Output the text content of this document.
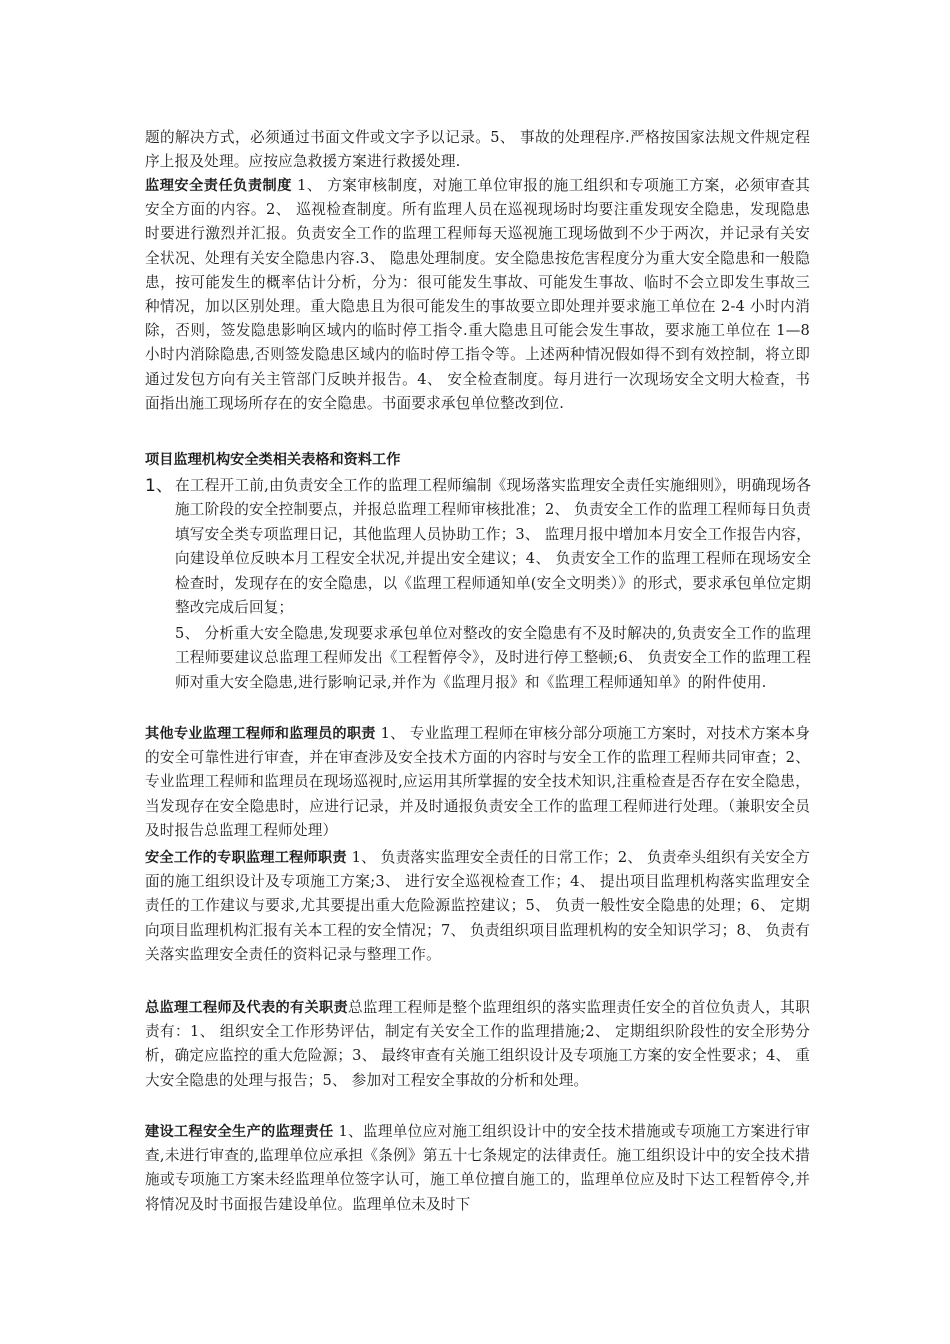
题的解决方式，必须通过书面文件或文字予以记录。5、 事故的处理程序.严格按国家法规文件规定程序上报及处理。应按应急救援方案进行救援处理.
监理安全责任负责制度 1、 方案审核制度，对施工单位审报的施工组织和专项施工方案，必须审查其安全方面的内容。2、 巡视检查制度。所有监理人员在巡视现场时均要注重发现安全隐患，发现隐患时要进行激烈并汇报。负责安全工作的监理工程师每天巡视施工现场做到不少于两次，并记录有关安全状况、处理有关安全隐患内容.3、 隐患处理制度。安全隐患按危害程度分为重大安全隐患和一般隐患，按可能发生的概率估计分析，分为：很可能发生事故、可能发生事故、临时不会立即发生事故三种情况，加以区别处理。重大隐患且为很可能发生的事故要立即处理并要求施工单位在 2-4 小时内消除，否则，签发隐患影响区域内的临时停工指令.重大隐患且可能会发生事故，要求施工单位在 1—8 小时内消除隐患,否则签发隐患区域内的临时停工指令等。上述两种情况假如得不到有效控制，将立即通过发包方向有关主管部门反映并报告。4、 安全检查制度。每月进行一次现场安全文明大检查，书面指出施工现场所存在的安全隐患。书面要求承包单位整改到位.
项目监理机构安全类相关表格和资料工作
1、 在工程开工前,由负责安全工作的监理工程师编制《现场落实监理安全责任实施细则》，明确现场各施工阶段的安全控制要点，并报总监理工程师审核批准；2、 负责安全工作的监理工程师每日负责填写安全类专项监理日记，其他监理人员协助工作；3、 监理月报中增加本月安全工作报告内容，向建设单位反映本月工程安全状况,并提出安全建议；4、 负责安全工作的监理工程师在现场安全检查时，发现存在的安全隐患，以《监理工程师通知单(安全文明类）》的形式，要求承包单位定期整改完成后回复；
5、 分析重大安全隐患,发现要求承包单位对整改的安全隐患有不及时解决的,负责安全工作的监理工程师要建议总监理工程师发出《工程暂停令》，及时进行停工整顿;6、 负责安全工作的监理工程师对重大安全隐患,进行影响记录,并作为《监理月报》和《监理工程师通知单》的附件使用.
其他专业监理工程师和监理员的职责 1、 专业监理工程师在审核分部分项施工方案时，对技术方案本身的安全可靠性进行审查，并在审查涉及安全技术方面的内容时与安全工作的监理工程师共同审查；2、 专业监理工程师和监理员在现场巡视时,应运用其所掌握的安全技术知识,注重检查是否存在安全隐患，当发现存在安全隐患时，应进行记录，并及时通报负责安全工作的监理工程师进行处理。（兼职安全员及时报告总监理工程师处理）
安全工作的专职监理工程师职责 1、 负责落实监理安全责任的日常工作；2、 负责牵头组织有关安全方面的施工组织设计及专项施工方案;3、 进行安全巡视检查工作；4、 提出项目监理机构落实监理安全责任的工作建议与要求,尤其要提出重大危险源监控建议；5、 负责一般性安全隐患的处理；6、 定期向项目监理机构汇报有关本工程的安全情况；7、 负责组织项目监理机构的安全知识学习；8、 负责有关落实监理安全责任的资料记录与整理工作。
总监理工程师及代表的有关职责总监理工程师是整个监理组织的落实监理责任安全的首位负责人，其职责有：1、 组织安全工作形势评估，制定有关安全工作的监理措施;2、 定期组织阶段性的安全形势分析，确定应监控的重大危险源；3、 最终审查有关施工组织设计及专项施工方案的安全性要求；4、 重大安全隐患的处理与报告；5、 参加对工程安全事故的分析和处理。
建设工程安全生产的监理责任 1、监理单位应对施工组织设计中的安全技术措施或专项施工方案进行审查,未进行审查的,监理单位应承担《条例》第五十七条规定的法律责任。施工组织设计中的安全技术措施或专项施工方案未经监理单位签字认可，施工单位擅自施工的，监理单位应及时下达工程暂停令,并将情况及时书面报告建设单位。监理单位未及时下
